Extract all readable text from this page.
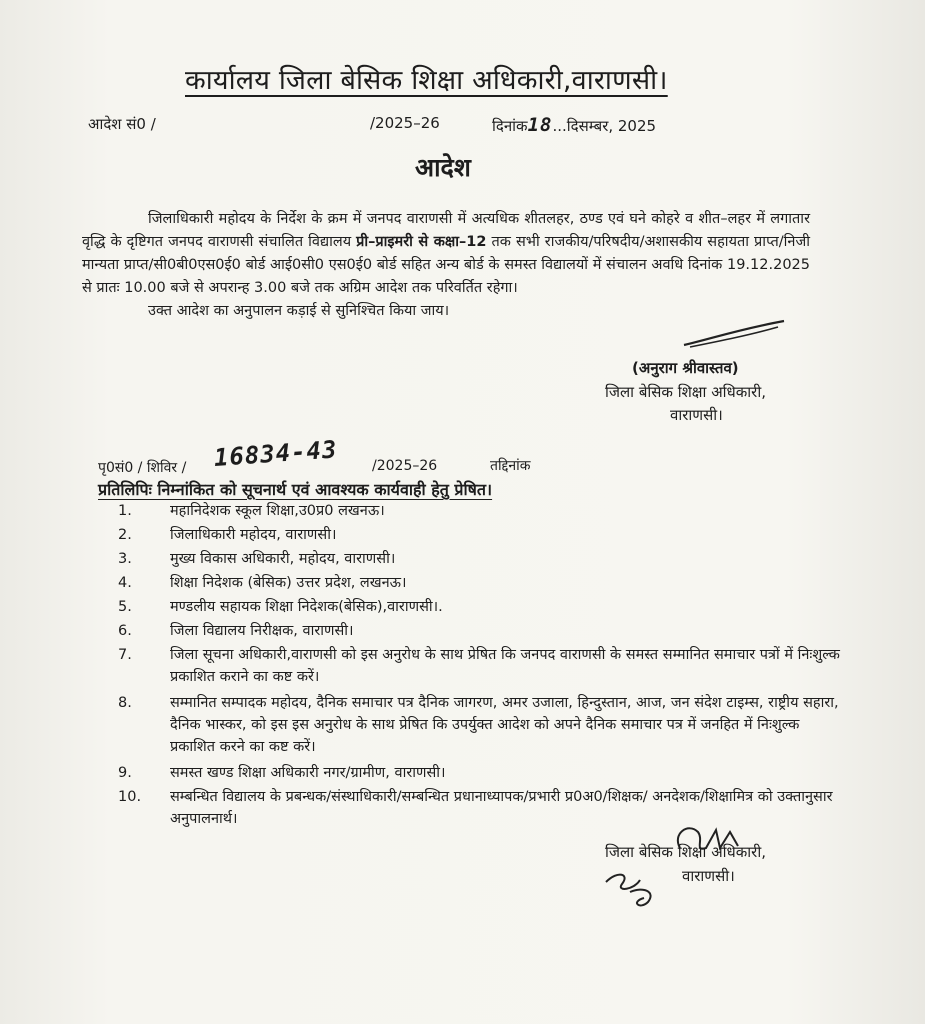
कार्यालय जिला बेसिक शिक्षा अधिकारी,वाराणसी।
आदेश सं0 /	/2025–26	दिनांक18...दिसम्बर, 2025
आदेश

जिलाधिकारी महोदय के निर्देश के क्रम में जनपद वाराणसी में अत्यधिक शीतलहर, ठण्ड एवं घने कोहरे व शीत–लहर में लगातार वृद्धि के दृष्टिगत जनपद वाराणसी संचालित विद्यालय प्री–प्राइमरी से कक्षा–12 तक सभी राजकीय/परिषदीय/अशासकीय सहायता प्राप्त/निजी मान्यता प्राप्त/सी0बी0एस0ई0 बोर्ड आई0सी0 एस0ई0 बोर्ड सहित अन्य बोर्ड के समस्त विद्यालयों में संचालन अवधि दिनांक 19.12.2025 से प्रातः 10.00 बजे से अपरान्ह 3.00 बजे तक अग्रिम आदेश तक परिवर्तित रहेगा।

उक्त आदेश का अनुपालन कड़ाई से सुनिश्चित किया जाय।

(अनुराग श्रीवास्तव)
जिला बेसिक शिक्षा अधिकारी,
वाराणसी।
पृ0सं0 / शिविर / 16834-43 /2025–26	तद्दिनांक
प्रतिलिपिः निम्नांकित को सूचनार्थ एवं आवश्यक कार्यवाही हेतु प्रेषित।
1.	महानिदेशक स्कूल शिक्षा,उ0प्र0 लखनऊ।
2.	जिलाधिकारी महोदय, वाराणसी।
3.	मुख्य विकास अधिकारी, महोदय, वाराणसी।
4.	शिक्षा निदेशक (बेसिक) उत्तर प्रदेश, लखनऊ।
5.	मण्डलीय सहायक शिक्षा निदेशक(बेसिक),वाराणसी।.
6.	जिला विद्यालय निरीक्षक, वाराणसी।
7.	जिला सूचना अधिकारी,वाराणसी को इस अनुरोध के साथ प्रेषित कि जनपद वाराणसी के समस्त सम्मानित समाचार पत्रों में निःशुल्क प्रकाशित कराने का कष्ट करें।
8.	सम्मानित सम्पादक महोदय, दैनिक समाचार पत्र दैनिक जागरण, अमर उजाला, हिन्दुस्तान, आज, जन संदेश टाइम्स, राष्ट्रीय सहारा, दैनिक भास्कर, को इस इस अनुरोध के साथ प्रेषित कि उपर्युक्त आदेश को अपने दैनिक समाचार पत्र में जनहित में निःशुल्क प्रकाशित करने का कष्ट करें।
9.	समस्त खण्ड शिक्षा अधिकारी नगर/ग्रामीण, वाराणसी।
10.	सम्बन्धित विद्यालय के प्रबन्धक/संस्थाधिकारी/सम्बन्धित प्रधानाध्यापक/प्रभारी प्र0अ0/शिक्षक/ अनदेशक/शिक्षामित्र को उक्तानुसार अनुपालनार्थ।
जिला बेसिक शिक्षा अधिकारी,
वाराणसी।
